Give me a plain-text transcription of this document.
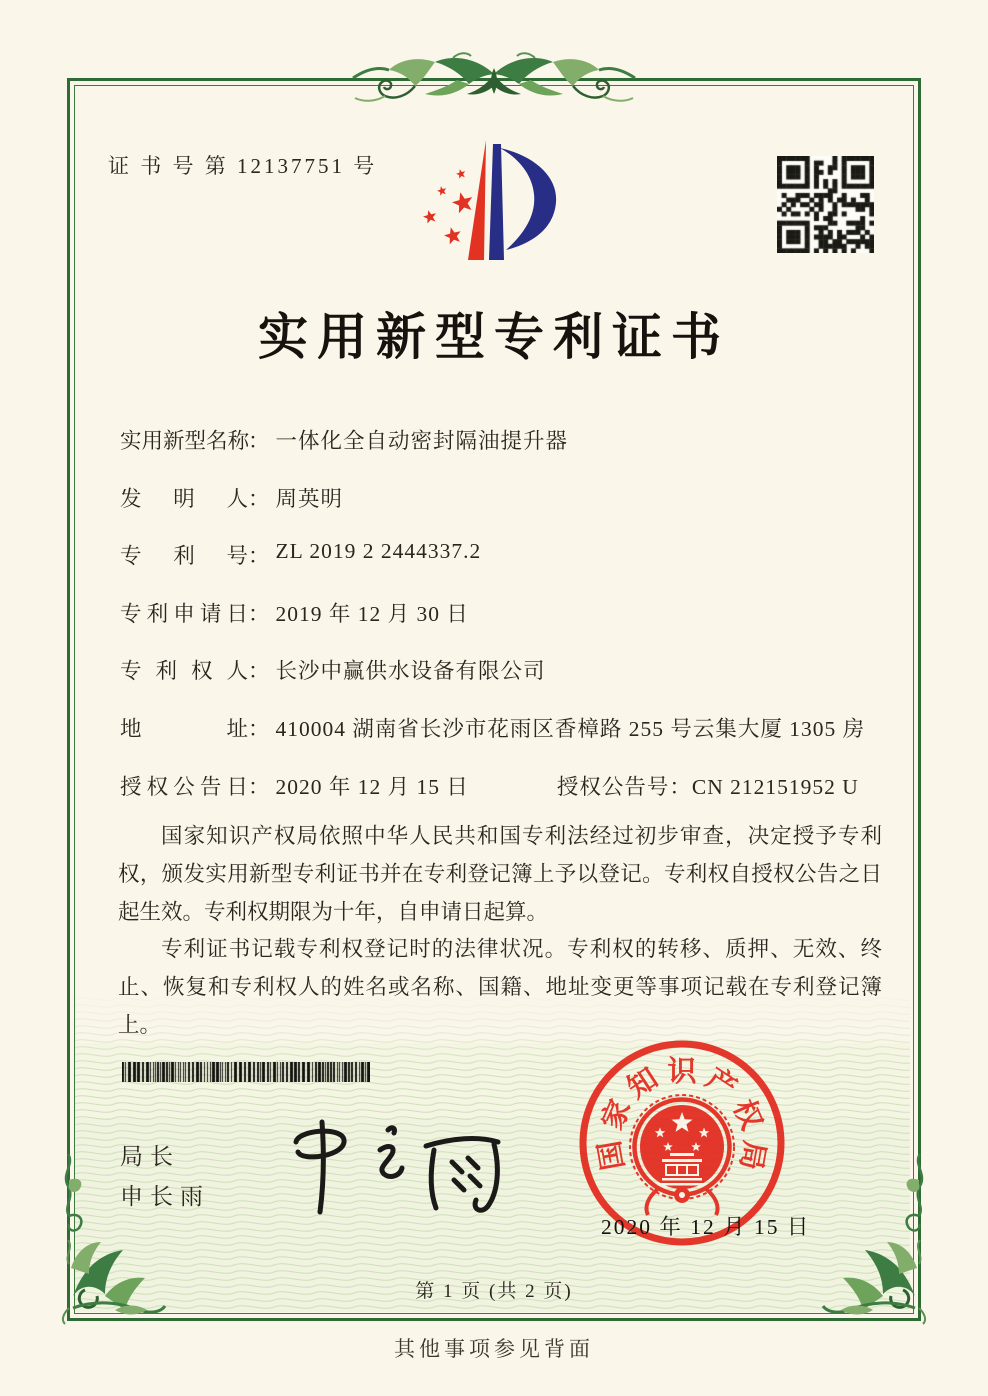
证 书 号 第 12137751 号
实用新型专利证书
实 用 新 型 名 称
： 一体化全自动密封隔油提升器
发 明 人 ： 周英明
专 利 号 ： ZL 2019 2 2444337.2
专 利 申 请 日 ： 2019 年 12 月 30 日
专 利 权 人 ： 长沙中赢供水设备有限公司
地	址 ： 410004 湖南省长沙市花雨区香樟路 255 号云集大厦 1305 房
授 权 公 告 日 ： 2020 年 12 月 15 日	授权公告号：CN 212151952 U

国家知识产权局依照中华人民共和国专利法经过初步审查，决定授予专利权，颁发实用新型专利证书并在专利登记簿上予以登记。专利权自授权公告之日起生效。专利权期限为十年，自申请日起算。

专利证书记载专利权登记时的法律状况。专利权的转移、质押、无效、终止、恢复和专利权人的姓名或名称、国籍、地址变更等事项记载在专利登记簿上。

局长
申长雨
国
家
知 识 产
权
局
2020 年 12 月 15 日
第 1 页 (共 2 页)
其他事项参见背面
